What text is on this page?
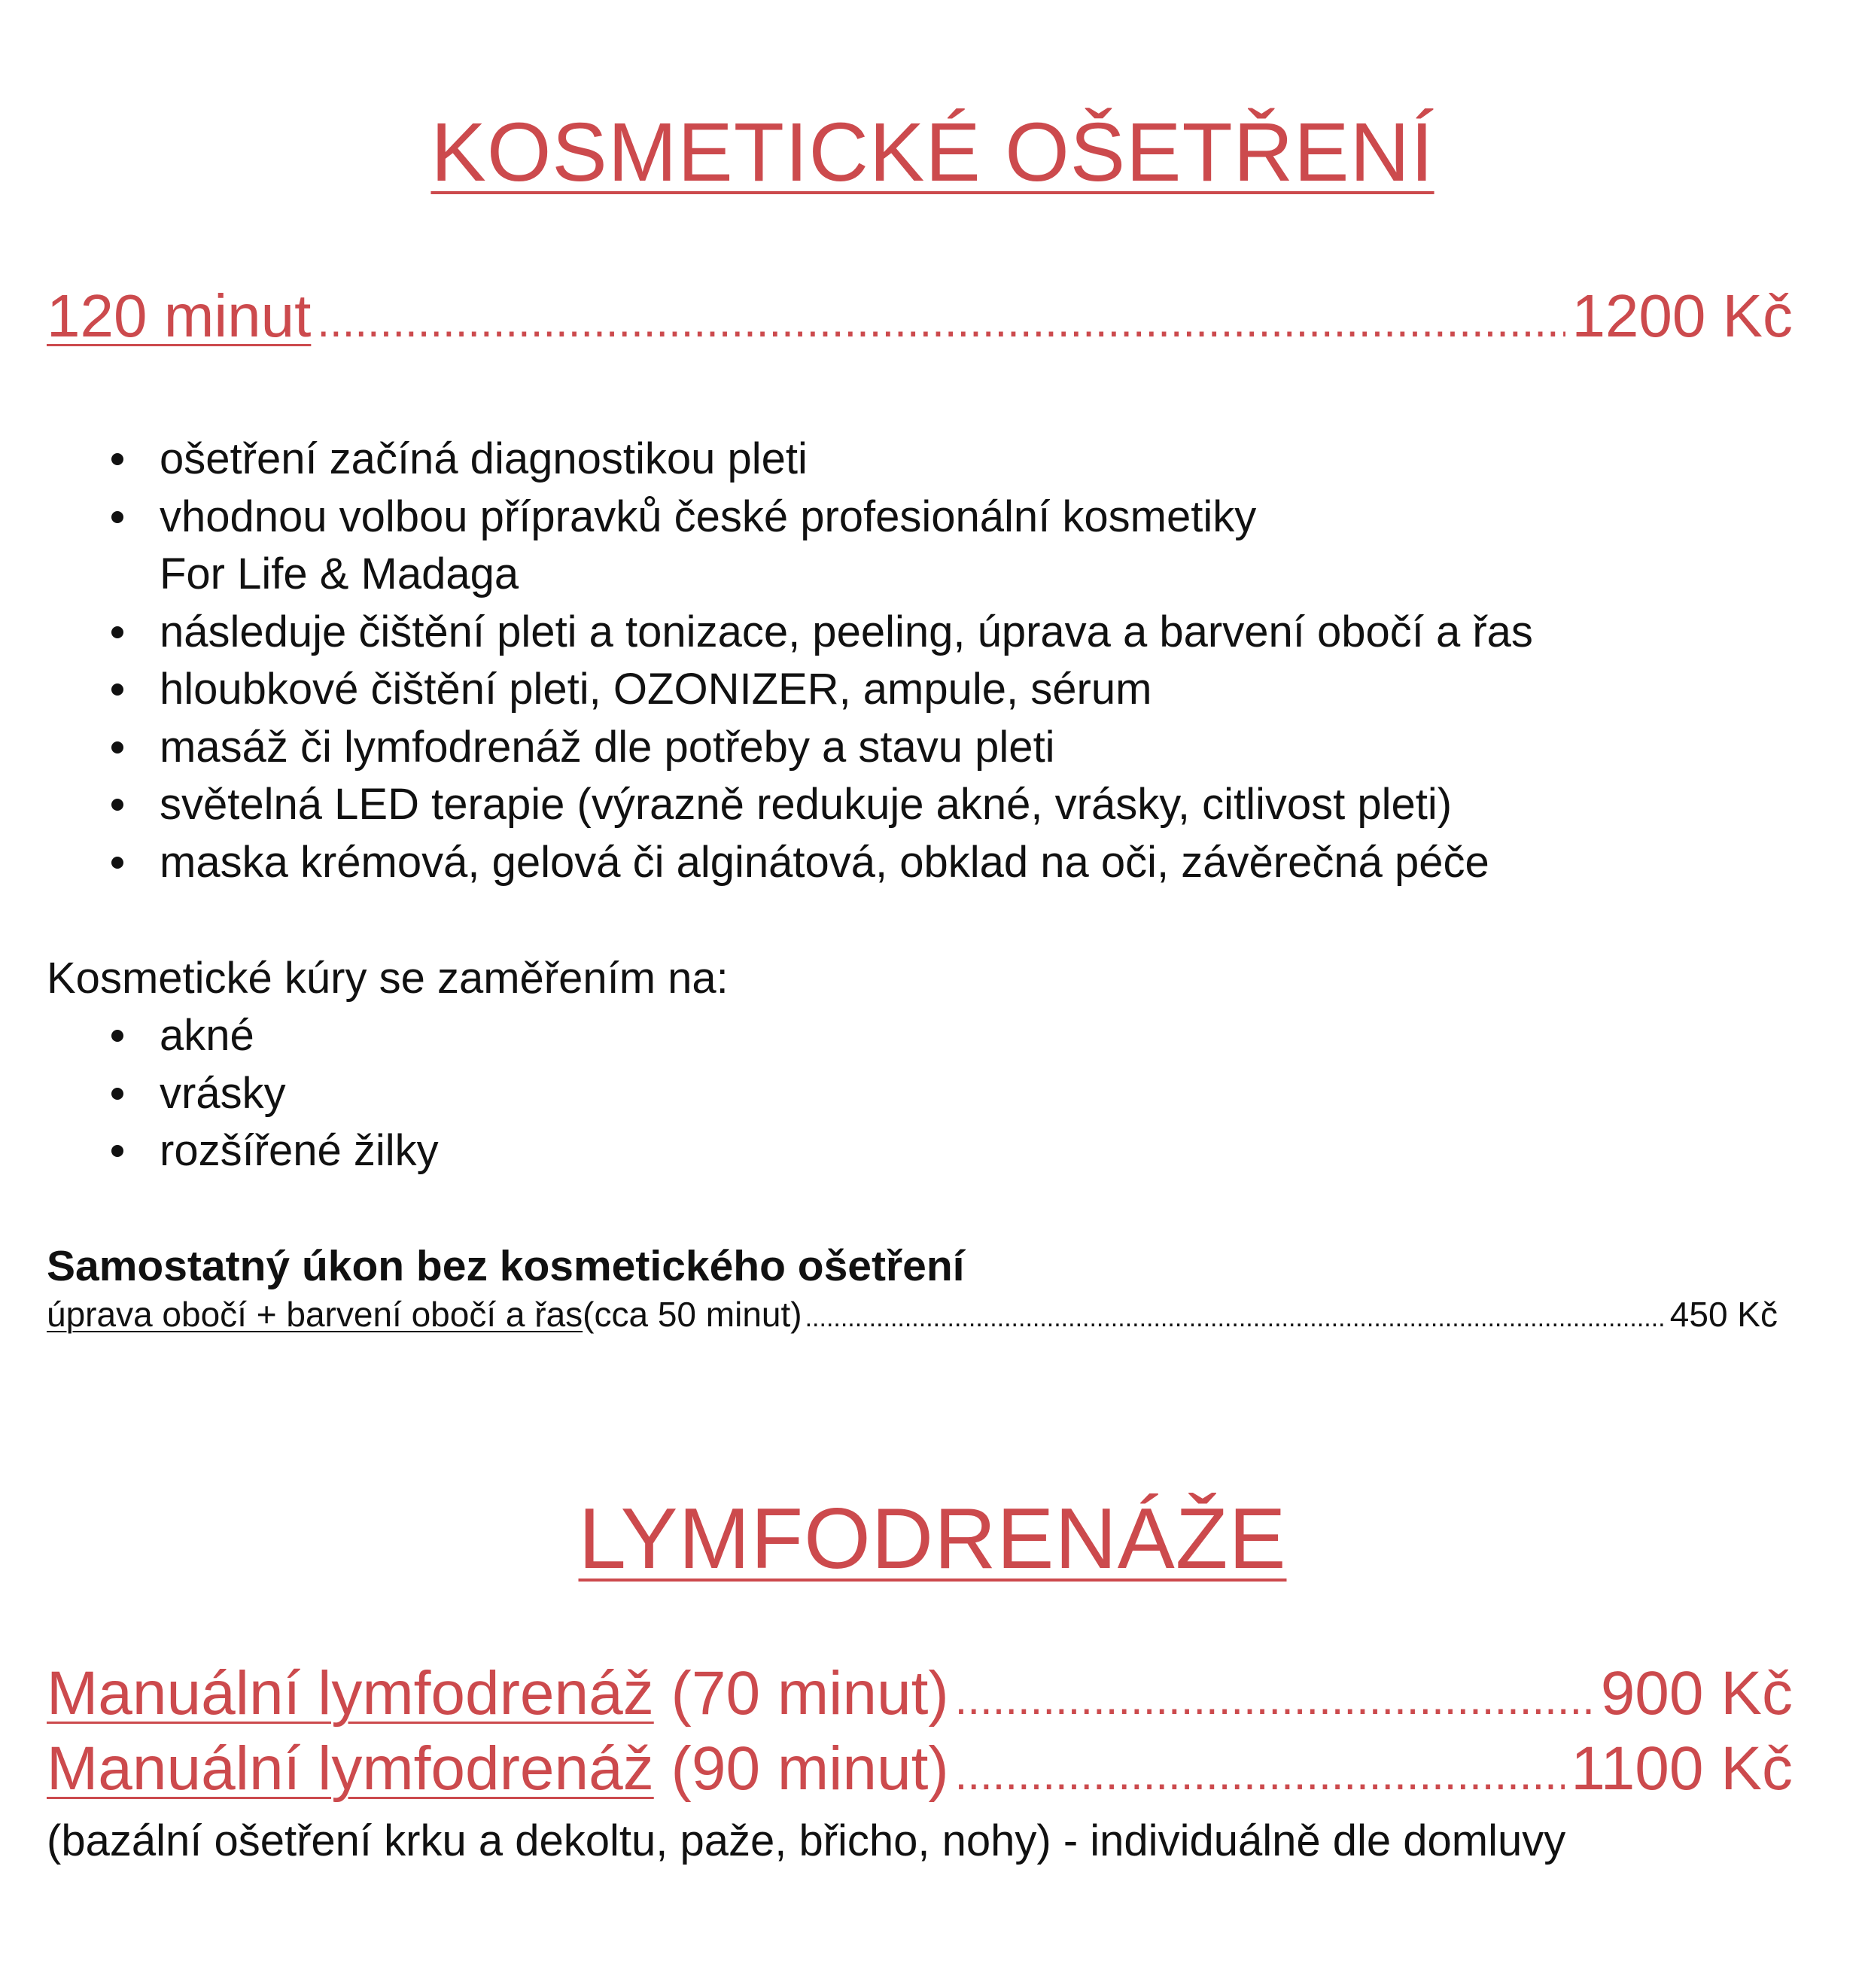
KOSMETICKÉ OŠETŘENÍ
120 minut .....	1200 Kč
ošetření začíná diagnostikou pleti
vhodnou volbou přípravků české profesionální kosmetiky
For Life & Madaga
následuje čištění pleti a tonizace, peeling, úprava a barvení obočí a řas
hloubkové čištění pleti, OZONIZER, ampule, sérum
masáž či lymfodrenáž dle potřeby a stavu pleti
světelná LED terapie (výrazně redukuje akné, vrásky, citlivost pleti)
maska krémová, gelová či alginátová, obklad na oči, závěrečná péče
Kosmetické kúry se zaměřením na:
akné
vrásky
rozšířené žilky
Samostatný úkon bez kosmetického ošetření
úprava obočí + barvení obočí a řas (cca 50 minut) .....	450 Kč
LYMFODRENÁŽE
Manuální lymfodrenáž (70 minut) .....	900 Kč
Manuální lymfodrenáž (90 minut) .....	1100 Kč
(bazální ošetření krku a dekoltu, paže, břicho, nohy) - individuálně dle domluvy
